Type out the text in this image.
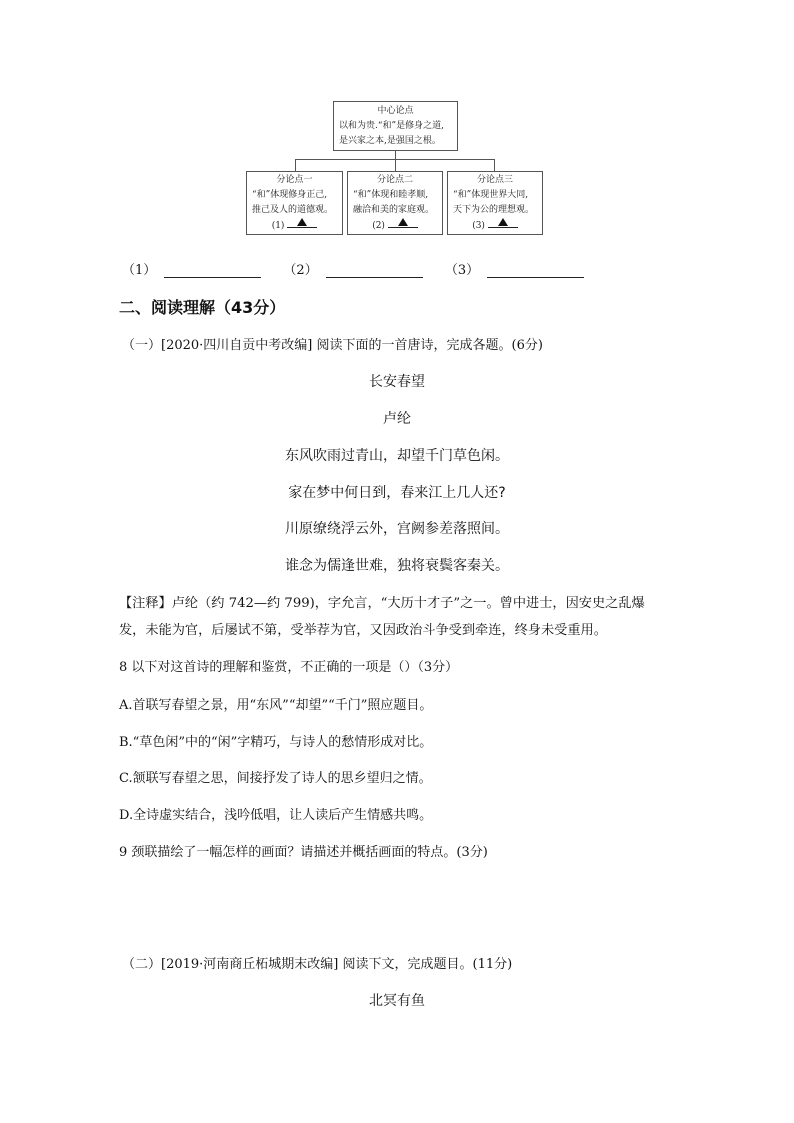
中心论点
以和为贵.“和”是修身之道,
是兴家之本,是强国之根。
分论点一
“和”体现修身正己,
推己及人的道德观。
(1)
分论点二
“和”体现和睦孝顺,
融洽和美的家庭观。
(2)
分论点三
“和”体现世界大同,
天下为公的理想观。
(3)
（1）	（2）	（3）
二、阅读理解（43分）
（一）[2020·四川自贡中考改编] 阅读下面的一首唐诗，完成各题。(6分)
长安春望
卢纶
东风吹雨过青山，却望千门草色闲。
家在梦中何日到，春来江上几人还?
川原缭绕浮云外，宫阙参差落照间。
谁念为儒逢世难，独将衰鬓客秦关。
【注释】卢纶（约 742—约 799)，字允言，“大历十才子”之一。曾中进士，因安史之乱爆
发，未能为官，后屡试不第，受举荐为官，又因政治斗争受到牵连，终身未受重用。
8 以下对这首诗的理解和鉴赏，不正确的一项是（）（3分）
A.首联写春望之景，用“东风”“却望”“千门”照应题目。
B.“草色闲”中的“闲”字精巧，与诗人的愁情形成对比。
C.颔联写春望之思，间接抒发了诗人的思乡望归之情。
D.全诗虚实结合，浅吟低唱，让人读后产生情感共鸣。
9 颈联描绘了一幅怎样的画面？请描述并概括画面的特点。(3分)
（二）[2019·河南商丘柘城期末改编] 阅读下文，完成题目。(11分)
北冥有鱼
